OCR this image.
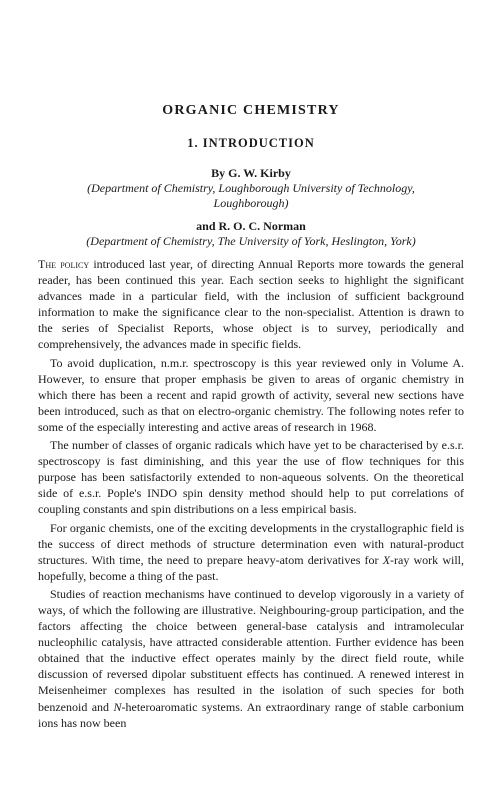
ORGANIC CHEMISTRY
1. INTRODUCTION
By G. W. Kirby
(Department of Chemistry, Loughborough University of Technology,
Loughborough)
and R. O. C. Norman
(Department of Chemistry, The University of York, Heslington, York)

The policy introduced last year, of directing Annual Reports more towards the general reader, has been continued this year. Each section seeks to highlight the significant advances made in a particular field, with the inclusion of sufficient background information to make the significance clear to the non-specialist. Attention is drawn to the series of Specialist Reports, whose object is to survey, periodically and comprehensively, the advances made in specific fields.

To avoid duplication, n.m.r. spectroscopy is this year reviewed only in Volume A. However, to ensure that proper emphasis be given to areas of organic chemistry in which there has been a recent and rapid growth of activity, several new sections have been introduced, such as that on electro-organic chemistry. The following notes refer to some of the especially interesting and active areas of research in 1968.

The number of classes of organic radicals which have yet to be characterised by e.s.r. spectroscopy is fast diminishing, and this year the use of flow techniques for this purpose has been satisfactorily extended to non-aqueous solvents. On the theoretical side of e.s.r. Pople's INDO spin density method should help to put correlations of coupling constants and spin distributions on a less empirical basis.

For organic chemists, one of the exciting developments in the crystallographic field is the success of direct methods of structure determination even with natural-product structures. With time, the need to prepare heavy-atom derivatives for X-ray work will, hopefully, become a thing of the past.

Studies of reaction mechanisms have continued to develop vigorously in a variety of ways, of which the following are illustrative. Neighbouring-group participation, and the factors affecting the choice between general-base catalysis and intramolecular nucleophilic catalysis, have attracted considerable attention. Further evidence has been obtained that the inductive effect operates mainly by the direct field route, while discussion of reversed dipolar substituent effects has continued. A renewed interest in Meisenheimer complexes has resulted in the isolation of such species for both benzenoid and N-heteroaromatic systems. An extraordinary range of stable carbonium ions has now been
